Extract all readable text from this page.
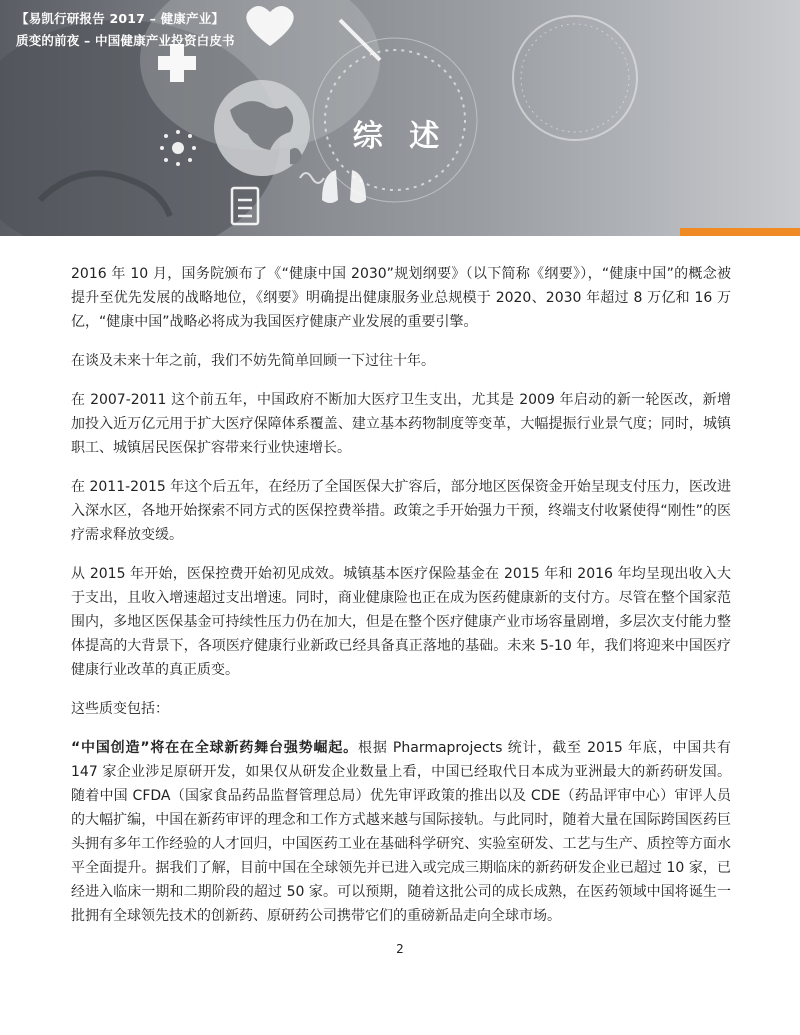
【易凯行研报告 2017 – 健康产业】
质变的前夜 – 中国健康产业投资白皮书
综 述

2016 年 10 月，国务院颁布了《“健康中国 2030”规划纲要》（以下简称《纲要》），“健康中国”的概念被提升至优先发展的战略地位，《纲要》明确提出健康服务业总规模于 2020、2030 年超过 8 万亿和 16 万亿，“健康中国”战略必将成为我国医疗健康产业发展的重要引擎。

在谈及未来十年之前，我们不妨先简单回顾一下过往十年。

在 2007-2011 这个前五年，中国政府不断加大医疗卫生支出，尤其是 2009 年启动的新一轮医改，新增加投入近万亿元用于扩大医疗保障体系覆盖、建立基本药物制度等变革，大幅提振行业景气度；同时，城镇职工、城镇居民医保扩容带来行业快速增长。

在 2011-2015 年这个后五年，在经历了全国医保大扩容后，部分地区医保资金开始呈现支付压力，医改进入深水区，各地开始探索不同方式的医保控费举措。政策之手开始强力干预，终端支付收紧使得“刚性”的医疗需求释放变缓。

从 2015 年开始，医保控费开始初见成效。城镇基本医疗保险基金在 2015 年和 2016 年均呈现出收入大于支出，且收入增速超过支出增速。同时，商业健康险也正在成为医药健康新的支付方。尽管在整个国家范围内，多地区医保基金可持续性压力仍在加大，但是在整个医疗健康产业市场容量剧增，多层次支付能力整体提高的大背景下，各项医疗健康行业新政已经具备真正落地的基础。未来 5-10 年，我们将迎来中国医疗健康行业改革的真正质变。

这些质变包括：

“中国创造”将在在全球新药舞台强势崛起。根据 Pharmaprojects 统计，截至 2015 年底，中国共有 147 家企业涉足原研开发，如果仅从研发企业数量上看，中国已经取代日本成为亚洲最大的新药研发国。随着中国 CFDA（国家食品药品监督管理总局）优先审评政策的推出以及 CDE（药品评审中心）审评人员的大幅扩编，中国在新药审评的理念和工作方式越来越与国际接轨。与此同时，随着大量在国际跨国医药巨头拥有多年工作经验的人才回归，中国医药工业在基础科学研究、实验室研发、工艺与生产、质控等方面水平全面提升。据我们了解，目前中国在全球领先并已进入或完成三期临床的新药研发企业已超过 10 家，已经进入临床一期和二期阶段的超过 50 家。可以预期，随着这批公司的成长成熟，在医药领域中国将诞生一批拥有全球领先技术的创新药、原研药公司携带它们的重磅新品走向全球市场。

2
